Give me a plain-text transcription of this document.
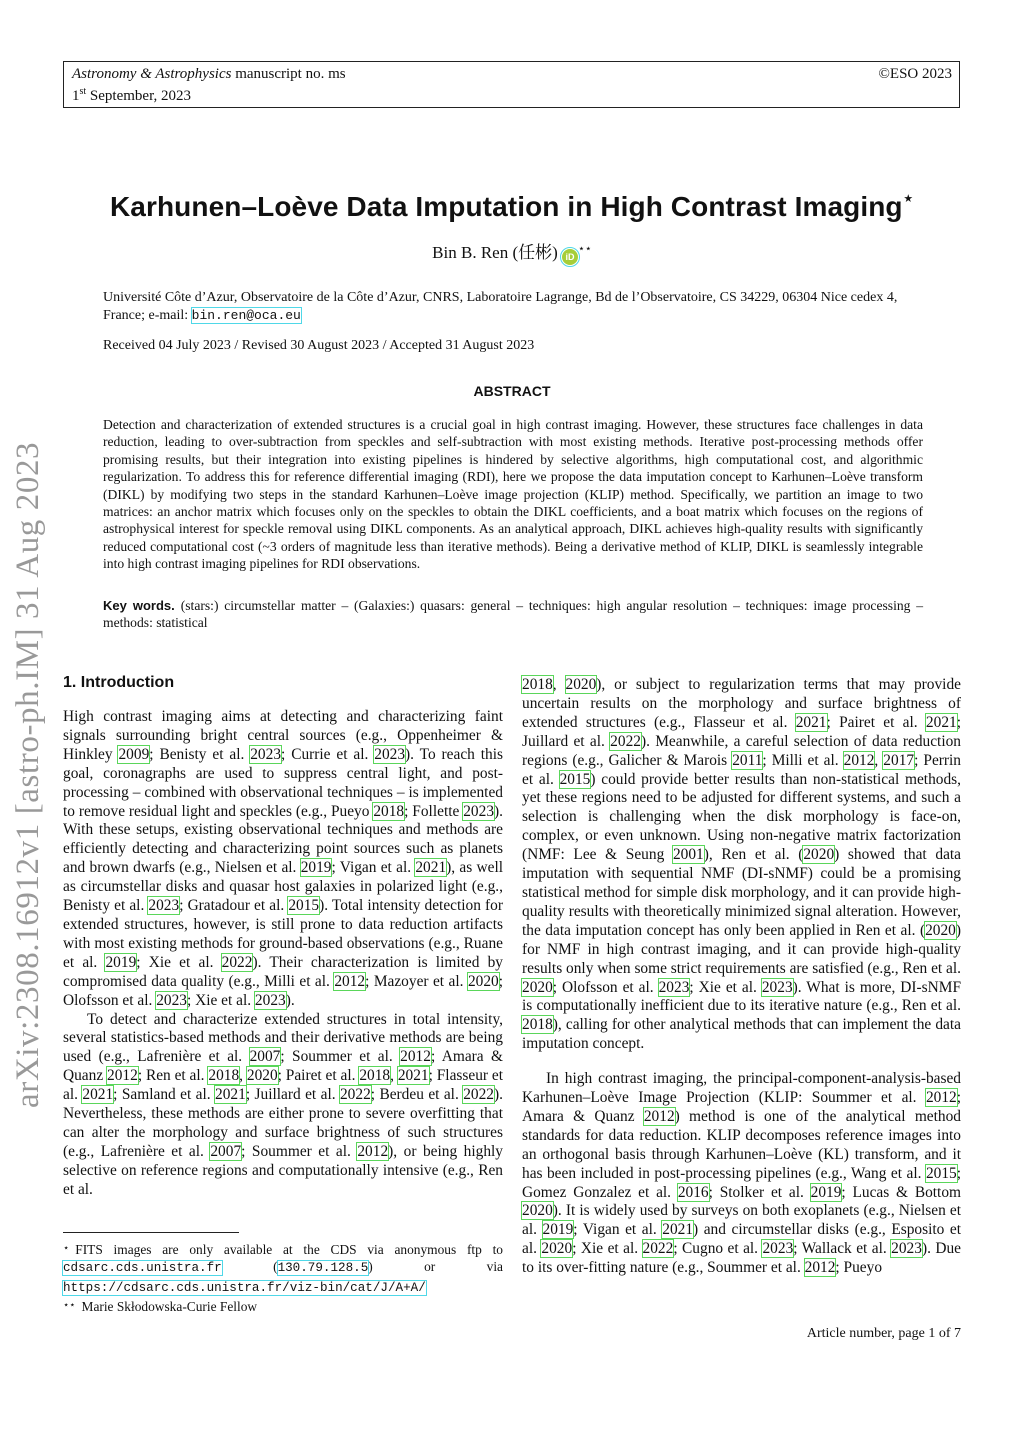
Astronomy & Astrophysics manuscript no. ms
1st September, 2023
©ESO 2023
arXiv:2308.16912v1 [astro-ph.IM] 31 Aug 2023
Karhunen–Loève Data Imputation in High Contrast Imaging⋆
Bin B. Ren (任彬) iD⋆⋆
Université Côte d’Azur, Observatoire de la Côte d’Azur, CNRS, Laboratoire Lagrange, Bd de l’Observatoire, CS 34229, 06304 Nice cedex 4, France; e-mail: bin.ren@oca.eu
Received 04 July 2023 / Revised 30 August 2023 / Accepted 31 August 2023
ABSTRACT
Detection and characterization of extended structures is a crucial goal in high contrast imaging. However, these structures face challenges in data reduction, leading to over-subtraction from speckles and self-subtraction with most existing methods. Iterative post-processing methods offer promising results, but their integration into existing pipelines is hindered by selective algorithms, high computational cost, and algorithmic regularization. To address this for reference differential imaging (RDI), here we propose the data imputation concept to Karhunen–Loève transform (DIKL) by modifying two steps in the standard Karhunen–Loève image projection (KLIP) method. Specifically, we partition an image to two matrices: an anchor matrix which focuses only on the speckles to obtain the DIKL coefficients, and a boat matrix which focuses on the regions of astrophysical interest for speckle removal using DIKL components. As an analytical approach, DIKL achieves high-quality results with significantly reduced computational cost (~3 orders of magnitude less than iterative methods). Being a derivative method of KLIP, DIKL is seamlessly integrable into high contrast imaging pipelines for RDI observations.
Key words. (stars:) circumstellar matter – (Galaxies:) quasars: general – techniques: high angular resolution – techniques: image processing – methods: statistical
1. Introduction

High contrast imaging aims at detecting and characterizing faint signals surrounding bright central sources (e.g., Oppenheimer & Hinkley 2009; Benisty et al. 2023; Currie et al. 2023). To reach this goal, coronagraphs are used to suppress central light, and post-processing – combined with observational techniques – is implemented to remove residual light and speckles (e.g., Pueyo 2018; Follette 2023). With these setups, existing observational techniques and methods are efficiently detecting and characterizing point sources such as planets and brown dwarfs (e.g., Nielsen et al. 2019; Vigan et al. 2021), as well as circumstellar disks and quasar host galaxies in polarized light (e.g., Benisty et al. 2023; Gratadour et al. 2015). Total intensity detection for extended structures, however, is still prone to data reduction artifacts with most existing methods for ground-based observations (e.g., Ruane et al. 2019; Xie et al. 2022). Their characterization is limited by compromised data quality (e.g., Milli et al. 2012; Mazoyer et al. 2020; Olofsson et al. 2023; Xie et al. 2023).

To detect and characterize extended structures in total intensity, several statistics-based methods and their derivative methods are being used (e.g., Lafrenière et al. 2007; Soummer et al. 2012; Amara & Quanz 2012; Ren et al. 2018, 2020; Pairet et al. 2018, 2021; Flasseur et al. 2021; Samland et al. 2021; Juillard et al. 2022; Berdeu et al. 2022). Nevertheless, these methods are either prone to severe overfitting that can alter the morphology and surface brightness of such structures (e.g., Lafrenière et al. 2007; Soummer et al. 2012), or being highly selective on reference regions and computationally intensive (e.g., Ren et al.

2018, 2020), or subject to regularization terms that may provide uncertain results on the morphology and surface brightness of extended structures (e.g., Flasseur et al. 2021; Pairet et al. 2021; Juillard et al. 2022). Meanwhile, a careful selection of data reduction regions (e.g., Galicher & Marois 2011; Milli et al. 2012, 2017; Perrin et al. 2015) could provide better results than non-statistical methods, yet these regions need to be adjusted for different systems, and such a selection is challenging when the disk morphology is face-on, complex, or even unknown. Using non-negative matrix factorization (NMF: Lee & Seung 2001), Ren et al. (2020) showed that data imputation with sequential NMF (DI-sNMF) could be a promising statistical method for simple disk morphology, and it can provide high-quality results with theoretically minimized signal alteration. However, the data imputation concept has only been applied in Ren et al. (2020) for NMF in high contrast imaging, and it can provide high-quality results only when some strict requirements are satisfied (e.g., Ren et al. 2020; Olofsson et al. 2023; Xie et al. 2023). What is more, DI-sNMF is computationally inefficient due to its iterative nature (e.g., Ren et al. 2018), calling for other analytical methods that can implement the data imputation concept.

In high contrast imaging, the principal-component-analysis-based Karhunen–Loève Image Projection (KLIP: Soummer et al. 2012; Amara & Quanz 2012) method is one of the analytical method standards for data reduction. KLIP decomposes reference images into an orthogonal basis through Karhunen–Loève (KL) transform, and it has been included in post-processing pipelines (e.g., Wang et al. 2015; Gomez Gonzalez et al. 2016; Stolker et al. 2019; Lucas & Bottom 2020). It is widely used by surveys on both exoplanets (e.g., Nielsen et al. 2019; Vigan et al. 2021) and circumstellar disks (e.g., Esposito et al. 2020; Xie et al. 2022; Cugno et al. 2023; Wallack et al. 2023). Due to its over-fitting nature (e.g., Soummer et al. 2012; Pueyo

⋆ FITS images are only available at the CDS via anonymous ftp to cdsarc.cds.unistra.fr (130.79.128.5) or via https://cdsarc.cds.unistra.fr/viz-bin/cat/J/A+A/

⋆⋆ Marie Skłodowska-Curie Fellow

Article number, page 1 of 7
